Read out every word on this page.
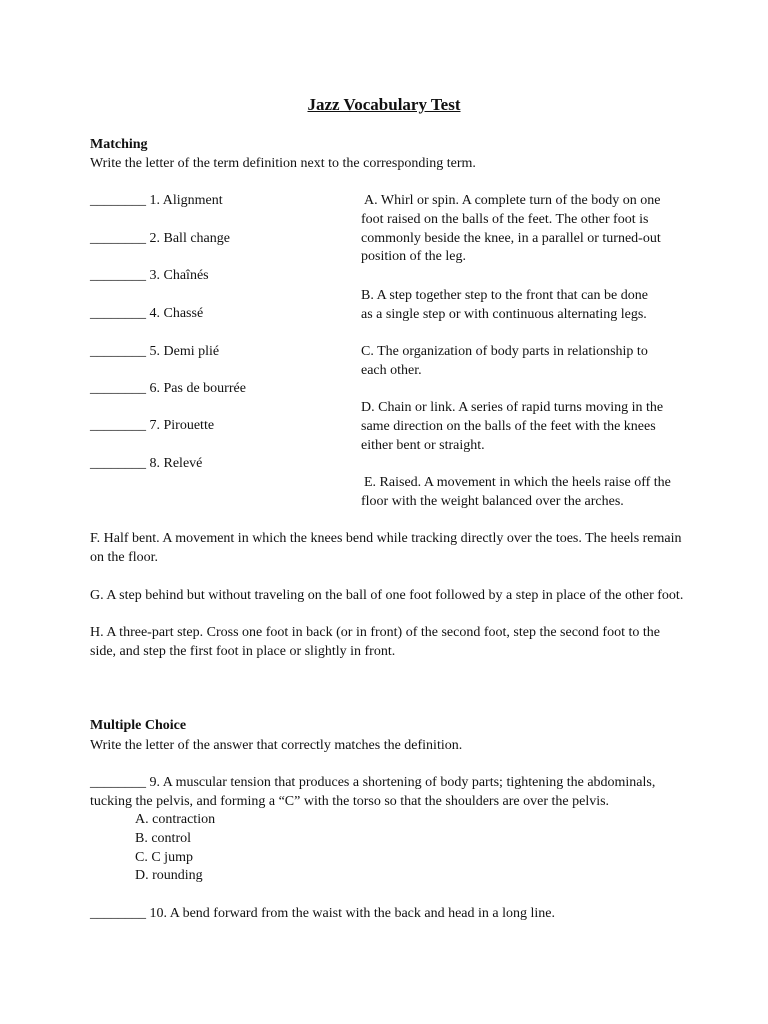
Jazz Vocabulary Test
Matching
Write the letter of the term definition next to the corresponding term.
________ 1. Alignment
________ 2. Ball change
________ 3. Chaînés
________ 4. Chassé
________ 5. Demi plié
________ 6. Pas de bourrée
________ 7. Pirouette
________ 8. Relevé
A. Whirl or spin. A complete turn of the body on one foot raised on the balls of the feet. The other foot is commonly beside the knee, in a parallel or turned-out position of the leg.
B. A step together step to the front that can be done as a single step or with continuous alternating legs.
C. The organization of body parts in relationship to each other.
D. Chain or link. A series of rapid turns moving in the same direction on the balls of the feet with the knees either bent or straight.
E. Raised. A movement in which the heels raise off the floor with the weight balanced over the arches.
F. Half bent. A movement in which the knees bend while tracking directly over the toes. The heels remain on the floor.
G. A step behind but without traveling on the ball of one foot followed by a step in place of the other foot.
H. A three-part step. Cross one foot in back (or in front) of the second foot, step the second foot to the side, and step the first foot in place or slightly in front.
Multiple Choice
Write the letter of the answer that correctly matches the definition.
________ 9. A muscular tension that produces a shortening of body parts; tightening the abdominals, tucking the pelvis, and forming a “C” with the torso so that the shoulders are over the pelvis.
A. contraction
B. control
C. C jump
D. rounding
________ 10. A bend forward from the waist with the back and head in a long line.
